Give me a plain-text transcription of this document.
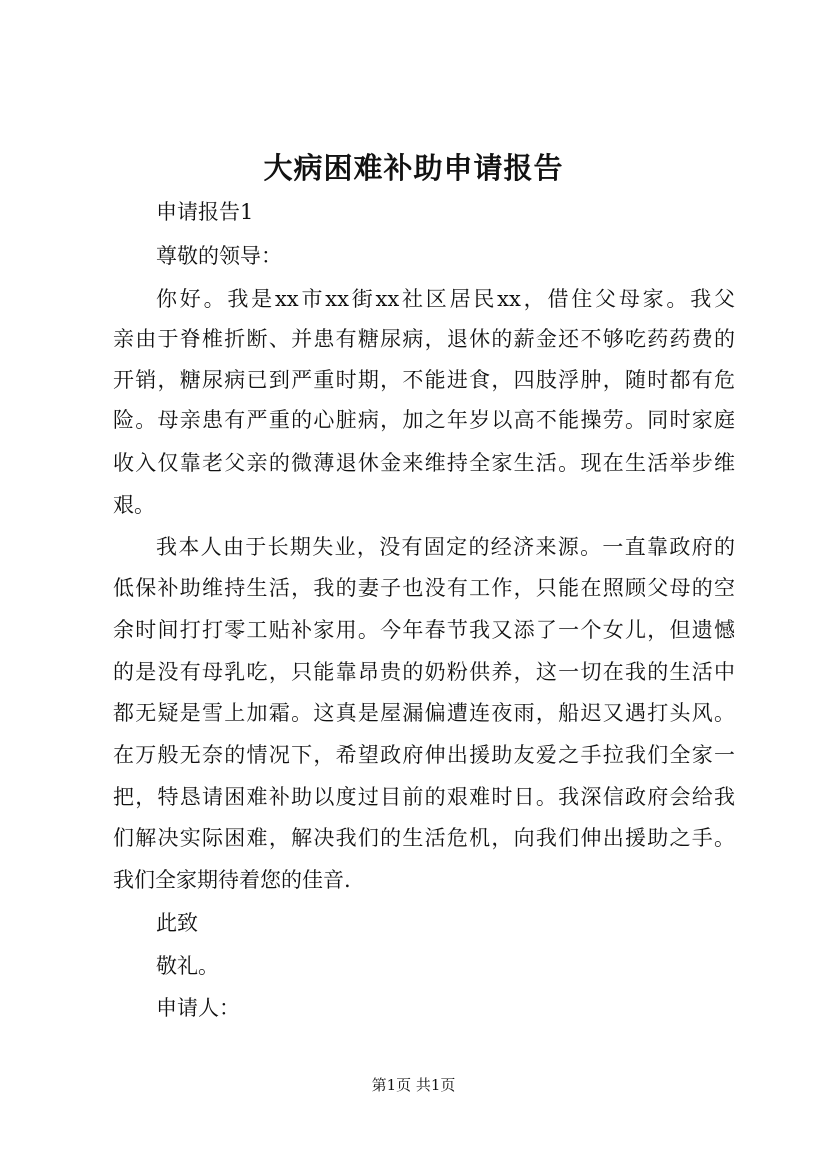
大病困难补助申请报告
申请报告1
尊敬的领导：
你好。我是xx市xx街xx社区居民xx，借住父母家。我父
亲由于脊椎折断、并患有糖尿病，退休的薪金还不够吃药药费的
开销，糖尿病已到严重时期，不能进食，四肢浮肿，随时都有危
险。母亲患有严重的心脏病，加之年岁以高不能操劳。同时家庭
收入仅靠老父亲的微薄退休金来维持全家生活。现在生活举步维
艰。
我本人由于长期失业，没有固定的经济来源。一直靠政府的
低保补助维持生活，我的妻子也没有工作，只能在照顾父母的空
余时间打打零工贴补家用。今年春节我又添了一个女儿，但遗憾
的是没有母乳吃，只能靠昂贵的奶粉供养，这一切在我的生活中
都无疑是雪上加霜。这真是屋漏偏遭连夜雨，船迟又遇打头风。
在万般无奈的情况下，希望政府伸出援助友爱之手拉我们全家一
把，特恳请困难补助以度过目前的艰难时日。我深信政府会给我
们解决实际困难，解决我们的生活危机，向我们伸出援助之手。
我们全家期待着您的佳音.
此致
敬礼。
申请人：
第1页 共1页
